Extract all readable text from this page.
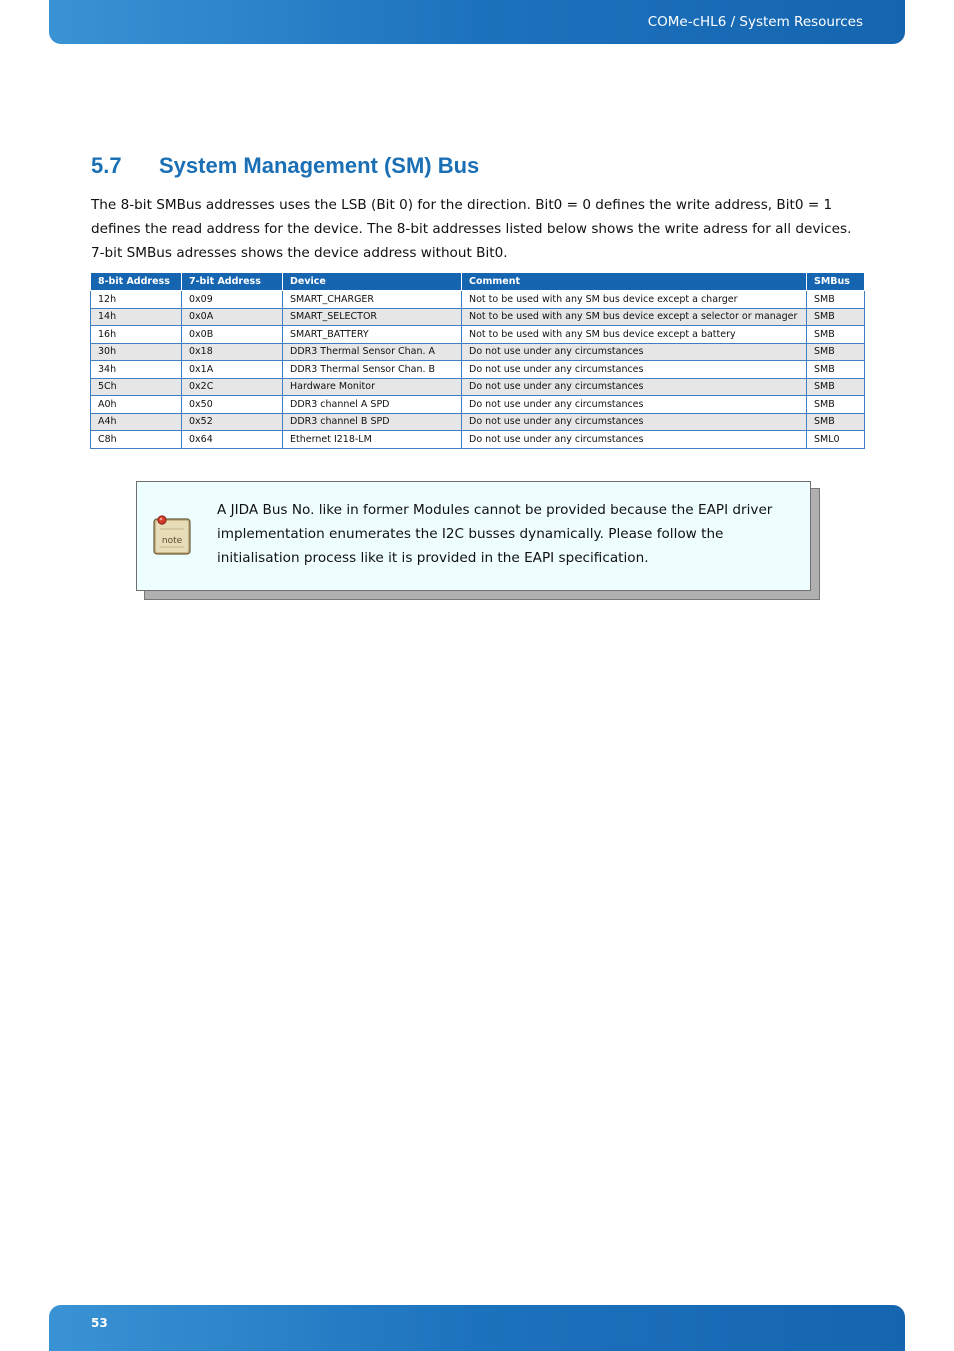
COMe-cHL6 / System Resources
5.7 System Management (SM) Bus

The 8-bit SMBus addresses uses the LSB (Bit 0) for the direction. Bit0 = 0 defines the write address, Bit0 = 1 defines the read address for the device. The 8-bit addresses listed below shows the write adress for all devices. 7-bit SMBus adresses shows the device address without Bit0.

8-bit Address	7-bit Address	Device	Comment	SMBus
12h	0x09	SMART_CHARGER	Not to be used with any SM bus device except a charger	SMB
14h	0x0A	SMART_SELECTOR	Not to be used with any SM bus device except a selector or manager	SMB
16h	0x0B	SMART_BATTERY	Not to be used with any SM bus device except a battery	SMB
30h	0x18	DDR3 Thermal Sensor Chan. A	Do not use under any circumstances	SMB
34h	0x1A	DDR3 Thermal Sensor Chan. B	Do not use under any circumstances	SMB
5Ch	0x2C	Hardware Monitor	Do not use under any circumstances	SMB
A0h	0x50	DDR3 channel A SPD	Do not use under any circumstances	SMB
A4h	0x52	DDR3 channel B SPD	Do not use under any circumstances	SMB
C8h	0x64	Ethernet I218-LM	Do not use under any circumstances	SML0
note

A JIDA Bus No. like in former Modules cannot be provided because the EAPI driver implementation enumerates the I2C busses dynamically. Please follow the initialisation process like it is provided in the EAPI specification.

53
